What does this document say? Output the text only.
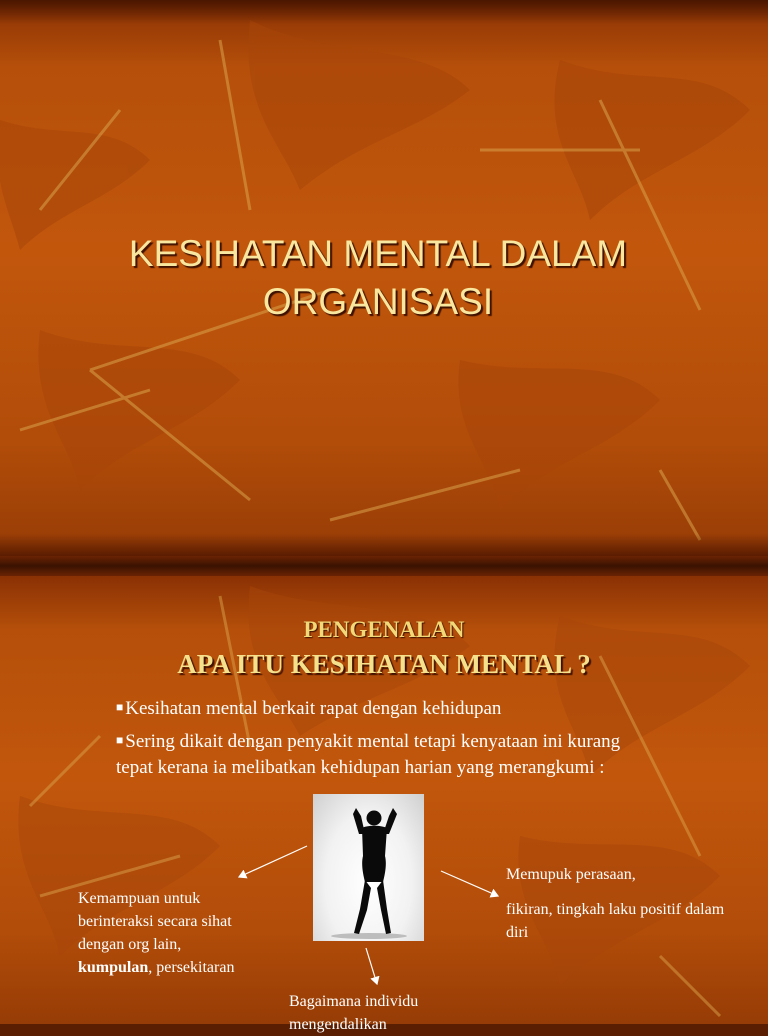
KESIHATAN MENTAL DALAM
ORGANISASI
PENGENALAN
APA ITU KESIHATAN MENTAL ?
■ Kesihatan mental berkait rapat dengan kehidupan
■ Sering dikait dengan penyakit mental tetapi kenyataan ini kurang tepat kerana ia melibatkan kehidupan harian yang merangkumi :
Kemampuan untuk berinteraksi secara sihat dengan org lain, kumpulan, persekitaran
Memupuk perasaan,
fikiran, tingkah laku positif dalam diri
Bagaimana individu mengendalikan
